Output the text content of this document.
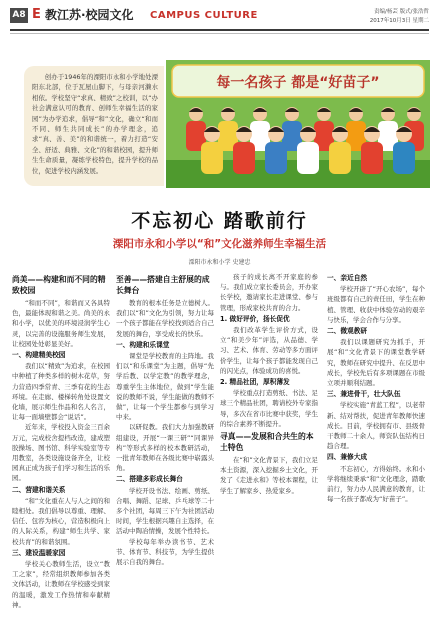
A8 E 教江苏·校园文化 CAMPUS CULTURE	责编/杨芸 版式/张浩哲
2017年10月3日 星期二

创办于1946年的溧阳市永和小学地处溧阳东北部，位于瓦屋山脚下，与母亲河濑水相依。学校坚守“求真、精致”之校训，以“办社会满意认可的教育、创师生幸福生活的家园”为办学追求，倡导“和”文化，确立“和而不同、师生共同成长”的办学理念，追求“真、善、美”的和谐统一，着力打造“安全、舒适、典雅、文化”的和谐校园，提升师生生命质量，凝练学校特色，提升学校的品位，促进学校内涵发展。

每一名孩子 都是“好苗子”
不忘初心 踏歌前行
溧阳市永和小学以“和”文化滋养师生幸福生活
溧阳市永和小学 史建忠
尚美——构建和而不同的精致校园

“和而不同”，和谐而又各具特色，最能体现和谐之美。尚美的永和小学，以优美的环境浸润学生心灵，以完善的设施服务师生发展，让校园处处彰显美好。

一、构建精美校园

我们以“精致”为追求，在校园中种植了种类多样的树木花草，努力营造四季常青、三季有花的生态环境。在走廊、楼梯转角处设置文化墙，展示师生作品和名人名言，让每一面墙壁都会“说话”。

近年来，学校投入资金三百余万元，完成校舍提档改造，建成塑胶操场、图书馆、科学实验室等专用教室，各类设施设备齐全，让校园真正成为孩子们学习和生活的乐园。

二、营建和谐关系

“和”文化重在人与人之间的和睦相处。我们倡导以尊重、理解、信任、包容为核心，营造积极向上的人际关系，构建“师生共学、家校共育”的和谐氛围。

三、建设温暖家园

学校关心教师生活，设立“教工之家”，经常组织教师参加各类文体活动，让教师在学校感受到家的温暖，激发工作热情和奉献精神。

至善——搭建自主舒展的成长舞台

教育的根本任务是立德树人。我们以“和”文化为引领，努力让每一个孩子都能在学校找到适合自己发展的舞台，享受成长的快乐。

一、构建和乐课堂

课堂是学校教育的主阵地。我们以“和乐课堂”为主题，倡导“先学后教、以学定教”的教学理念，尊重学生主体地位，做到“学生能说的教师不说，学生能做的教师不做”，让每一个学生都参与到学习中来。

以研促教。我们大力加强教研组建设，开展“一课三研”“同课异构”等形式多样的校本教研活动，一批青年教师在各级比赛中崭露头角。

二、搭建多彩成长舞台

学校开设书法、绘画、剪纸、合唱、舞蹈、足球、乒乓球等二十多个社团，每周三下午为社团活动时间，学生根据兴趣自主选择，在活动中陶冶情操，发展个性特长。

学校每年举办读书节、艺术节、体育节、科技节，为学生提供展示自我的舞台。

孩子的成长离不开家庭的参与。我们成立家长委员会，开办家长学校，邀请家长走进课堂、参与管理，形成家校共育的合力。

1. 做好评价，扬长促优

我们改革学生评价方式，设立“和美少年”评选，从品德、学习、艺术、体育、劳动等多方面评价学生，让每个孩子都能发现自己的闪光点，体验成功的喜悦。

2. 精品社团，厚积薄发

学校重点打造剪纸、书法、足球三个精品社团，聘请校外专家指导，多次在省市比赛中获奖，学生的综合素养不断提升。

寻真——发展和合共生的本土特色

在“和”文化背景下，我们立足本土资源，深入挖掘乡土文化，开发了《走进永和》等校本课程，让学生了解家乡、热爱家乡。

一、亲近自然

学校开辟了“开心农场”，每个班级都有自己的责任田，学生在种植、管理、收获中体验劳动的艰辛与快乐，学会合作与分享。

二、微观教研

我们以课题研究为抓手，开展“和”文化背景下的课堂教学研究，教师在研究中提升、在反思中成长，学校先后有多项课题在市级立项并顺利结题。

三、兼进骨干，壮大队伍

学校实施“青蓝工程”，以老带新、结对帮扶，促进青年教师快速成长。目前，学校拥有市、县级骨干教师二十余人，师资队伍结构日趋合理。

四、兼修大成

不忘初心，方得始终。永和小学将继续秉承“和”文化理念，踏歌前行，努力办人民满意的教育，让每一名孩子都成为“好苗子”。
